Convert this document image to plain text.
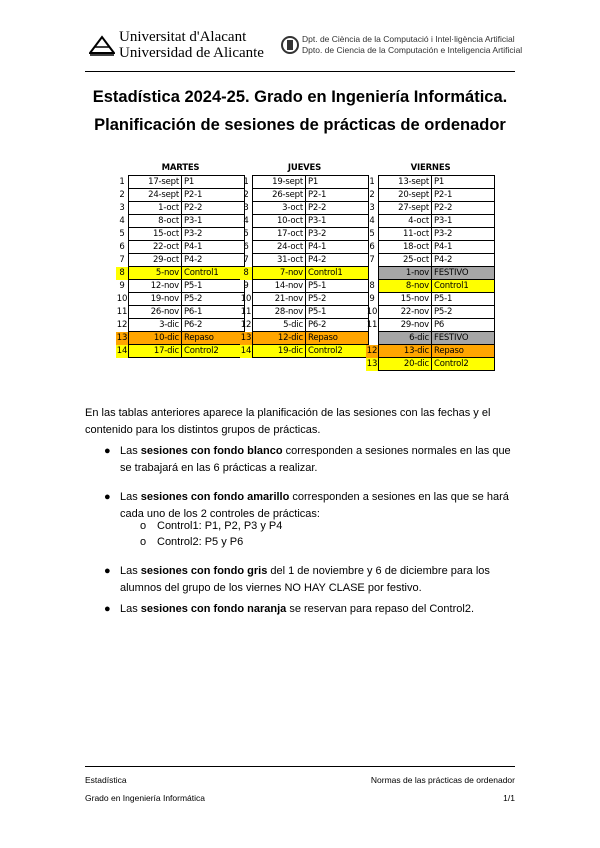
Universitat d'Alacant
Universidad de Alicante
Dpt. de Ciència de la Computació i Intel·ligència Artificial
Dpto. de Ciencia de la Computación e Inteligencia Artificial
Estadística 2024-25. Grado en Ingeniería Informática.
Planificación de sesiones de prácticas de ordenador
MARTES
1	17-sept	P1
2	24-sept	P2-1
3	1-oct	P2-2
4	8-oct	P3-1
5	15-oct	P3-2
6	22-oct	P4-1
7	29-oct	P4-2
8	5-nov	Control1
9	12-nov	P5-1
10	19-nov	P5-2
11	26-nov	P6-1
12	3-dic	P6-2
13	10-dic	Repaso
14	17-dic	Control2
JUEVES
1	19-sept	P1
2	26-sept	P2-1
3	3-oct	P2-2
4	10-oct	P3-1
5	17-oct	P3-2
6	24-oct	P4-1
7	31-oct	P4-2
8	7-nov	Control1
9	14-nov	P5-1
10	21-nov	P5-2
11	28-nov	P5-1
12	5-dic	P6-2
13	12-dic	Repaso
14	19-dic	Control2
VIERNES
1	13-sept	P1
2	20-sept	P2-1
3	27-sept	P2-2
4	4-oct	P3-1
5	11-oct	P3-2
6	18-oct	P4-1
7	25-oct	P4-2
	1-nov	FESTIVO
8	8-nov	Control1
9	15-nov	P5-1
10	22-nov	P5-2
11	29-nov	P6
	6-dic	FESTIVO
12	13-dic	Repaso
13	20-dic	Control2
En las tablas anteriores aparece la planificación de las sesiones con las fechas y el contenido para los distintos grupos de prácticas.
● Las sesiones con fondo blanco corresponden a sesiones normales en las que se trabajará en las 6 prácticas a realizar.
● Las sesiones con fondo amarillo corresponden a sesiones en las que se hará cada uno de los 2 controles de prácticas:
o Control1: P1, P2, P3 y P4
o Control2: P5 y P6
● Las sesiones con fondo gris del 1 de noviembre y 6 de diciembre para los alumnos del grupo de los viernes NO HAY CLASE por festivo.
● Las sesiones con fondo naranja se reservan para repaso del Control2.
Estadística
Grado en Ingeniería Informática
Normas de las prácticas de ordenador
1/1
